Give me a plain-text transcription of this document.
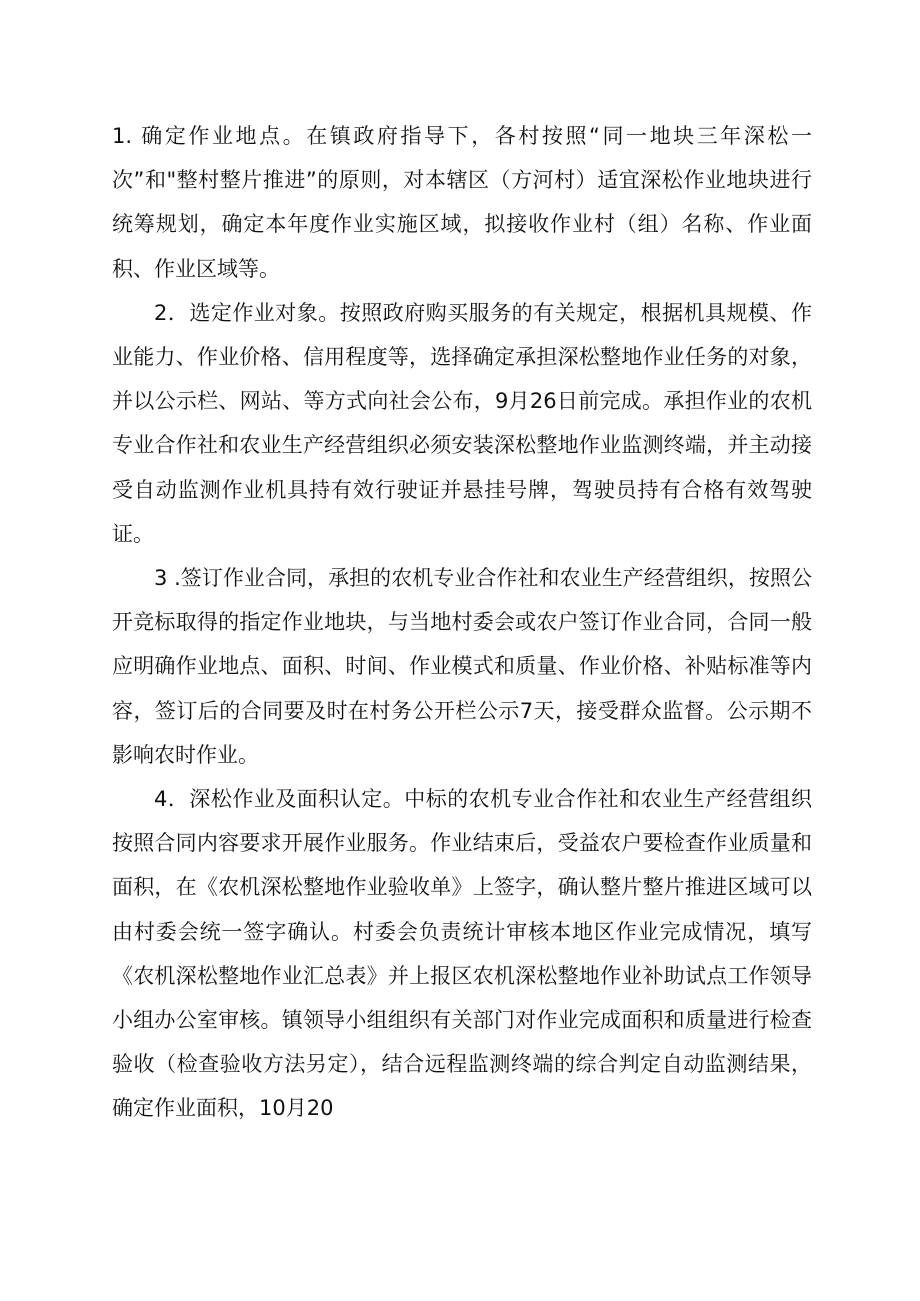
1. 确定作业地点。在镇政府指导下，各村按照“同一地块三年深松一次”和"整村整片推进”的原则，对本辖区（方河村）适宜深松作业地块进行统筹规划，确定本年度作业实施区域，拟接收作业村（组）名称、作业面积、作业区域等。

2．选定作业对象。按照政府购买服务的有关规定，根据机具规模、作业能力、作业价格、信用程度等，选择确定承担深松整地作业任务的对象，并以公示栏、网站、等方式向社会公布，9月26日前完成。承担作业的农机专业合作社和农业生产经营组织必须安装深松整地作业监测终端，并主动接受自动监测作业机具持有效行驶证并悬挂号牌，驾驶员持有合格有效驾驶证。

3 .签订作业合同，承担的农机专业合作社和农业生产经营组织，按照公开竞标取得的指定作业地块，与当地村委会或农户签订作业合同，合同一般应明确作业地点、面积、时间、作业模式和质量、作业价格、补贴标准等内容，签订后的合同要及时在村务公开栏公示7天，接受群众监督。公示期不影响农时作业。

4．深松作业及面积认定。中标的农机专业合作社和农业生产经营组织按照合同内容要求开展作业服务。作业结束后，受益农户要检查作业质量和面积，在《农机深松整地作业验收单》上签字，确认整片整片推进区域可以由村委会统一签字确认。村委会负责统计审核本地区作业完成情况，填写《农机深松整地作业汇总表》并上报区农机深松整地作业补助试点工作领导小组办公室审核。镇领导小组组织有关部门对作业完成面积和质量进行检查验收（检查验收方法另定），结合远程监测终端的综合判定自动监测结果，确定作业面积，10月20
